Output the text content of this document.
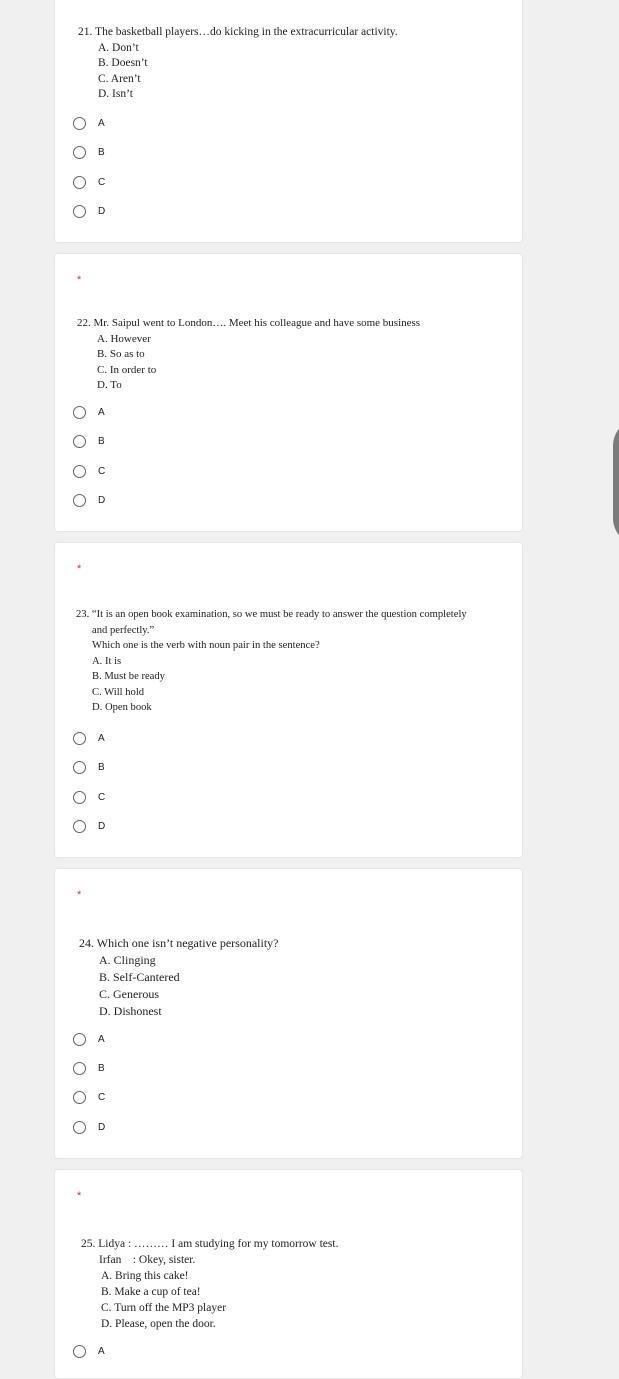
21. The basketball players…do kicking in the extracurricular activity.
A. Don’t
B. Doesn’t
C. Aren’t
D. Isn’t
A
B
C
D
*
22. Mr. Saipul went to London…. Meet his colleague and have some business
A. However
B. So as to
C. In order to
D. To
A
B
C
D
*
23. “It is an open book examination, so we must be ready to answer the question completely
and perfectly.”
Which one is the verb with noun pair in the sentence?
A. It is
B. Must be ready
C. Will hold
D. Open book
A
B
C
D
*
24. Which one isn’t negative personality?
A. Clinging
B. Self-Cantered
C. Generous
D. Dishonest
A
B
C
D
*
25. Lidya : ……… I am studying for my tomorrow test.
Irfan    : Okey, sister.
A. Bring this cake!
B. Make a cup of tea!
C. Turn off the MP3 player
D. Please, open the door.
A
